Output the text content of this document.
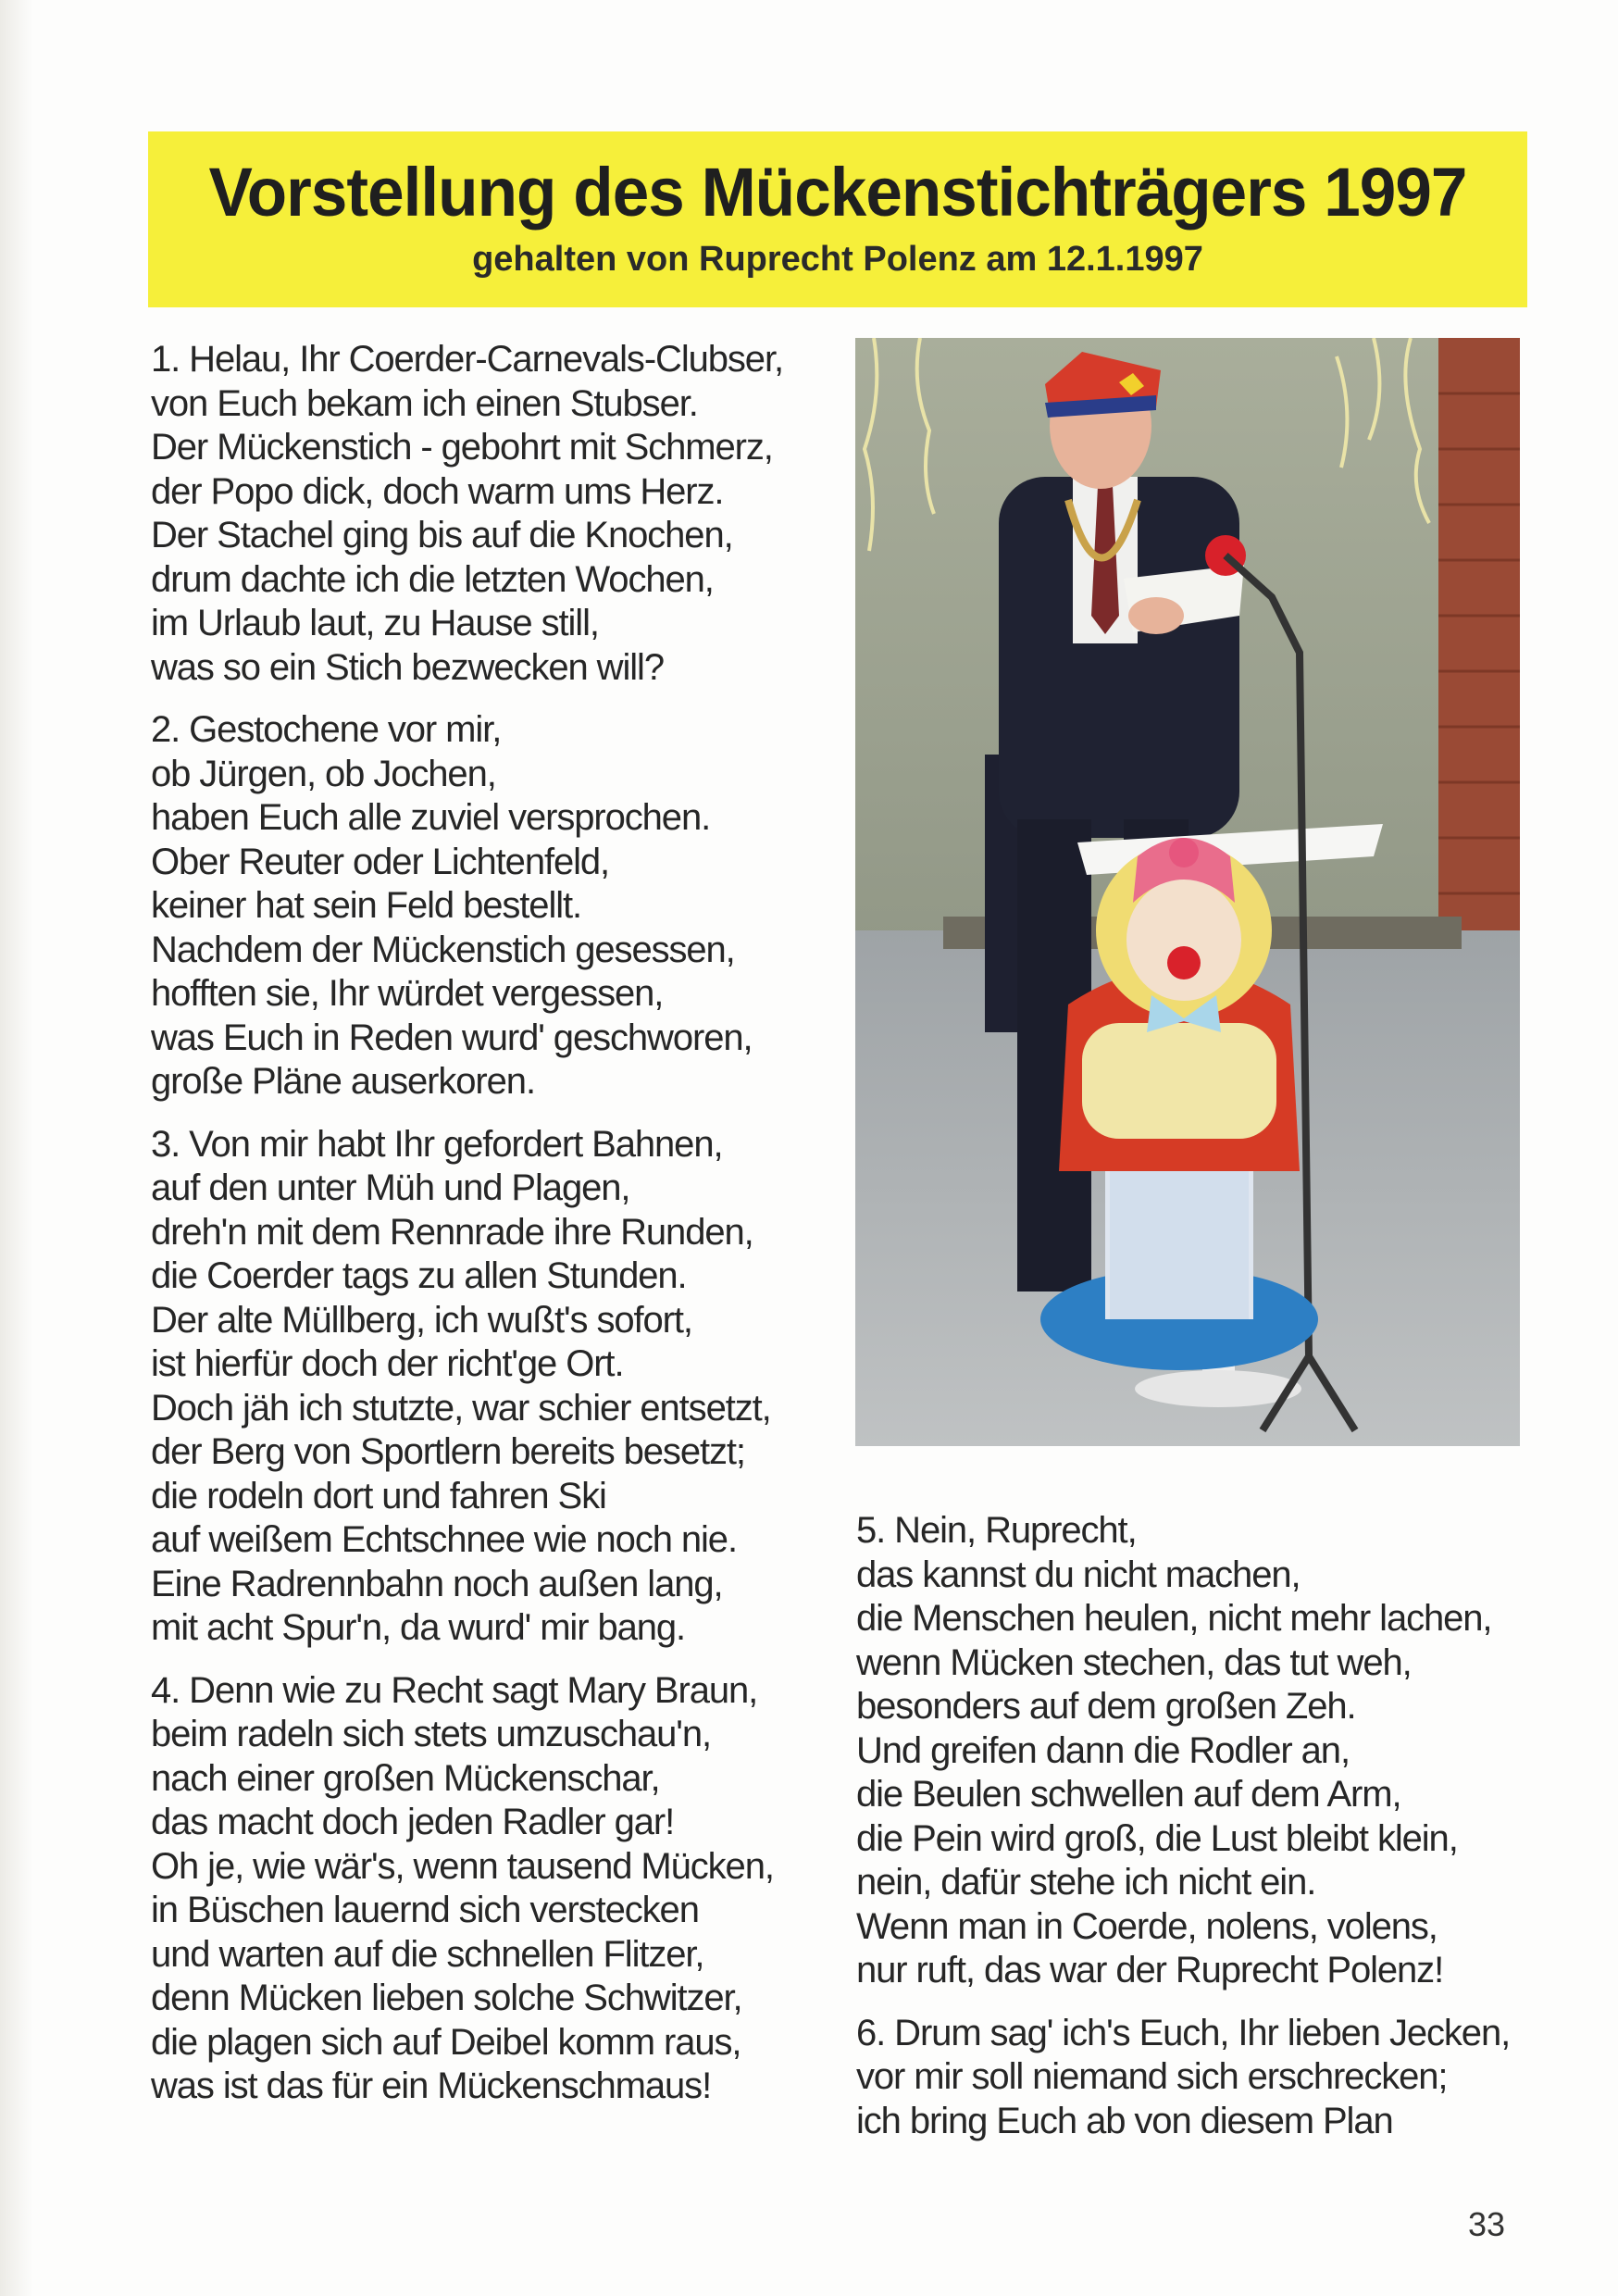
Vorstellung des Mückenstichträgers 1997
gehalten von Ruprecht Polenz am 12.1.1997
1. Helau, Ihr Coerder-Carnevals-Clubser,
von Euch bekam ich einen Stubser.
Der Mückenstich - gebohrt mit Schmerz,
der Popo dick, doch warm ums Herz.
Der Stachel ging bis auf die Knochen,
drum dachte ich die letzten Wochen,
im Urlaub laut, zu Hause still,
was so ein Stich bezwecken will?
2. Gestochene vor mir,
ob Jürgen, ob Jochen,
haben Euch alle zuviel versprochen.
Ober Reuter oder Lichtenfeld,
keiner hat sein Feld bestellt.
Nachdem der Mückenstich gesessen,
hofften sie, Ihr würdet vergessen,
was Euch in Reden wurd' geschworen,
große Pläne auserkoren.
3. Von mir habt Ihr gefordert Bahnen,
auf den unter Müh und Plagen,
dreh'n mit dem Rennrade ihre Runden,
die Coerder tags zu allen Stunden.
Der alte Müllberg, ich wußt's sofort,
ist hierfür doch der richt'ge Ort.
Doch jäh ich stutzte, war schier entsetzt,
der Berg von Sportlern bereits besetzt;
die rodeln dort und fahren Ski
auf weißem Echtschnee wie noch nie.
Eine Radrennbahn noch außen lang,
mit acht Spur'n, da wurd' mir bang.
4. Denn wie zu Recht sagt Mary Braun,
beim radeln sich stets umzuschau'n,
nach einer großen Mückenschar,
das macht doch jeden Radler gar!
Oh je, wie wär's, wenn tausend Mücken,
in Büschen lauernd sich verstecken
und warten auf die schnellen Flitzer,
denn Mücken lieben solche Schwitzer,
die plagen sich auf Deibel komm raus,
was ist das für ein Mückenschmaus!
5. Nein, Ruprecht,
das kannst du nicht machen,
die Menschen heulen, nicht mehr lachen,
wenn Mücken stechen, das tut weh,
besonders auf dem großen Zeh.
Und greifen dann die Rodler an,
die Beulen schwellen auf dem Arm,
die Pein wird groß, die Lust bleibt klein,
nein, dafür stehe ich nicht ein.
Wenn man in Coerde, nolens, volens,
nur ruft, das war der Ruprecht Polenz!
6. Drum sag' ich's Euch, Ihr lieben Jecken,
vor mir soll niemand sich erschrecken;
ich bring Euch ab von diesem Plan
33
